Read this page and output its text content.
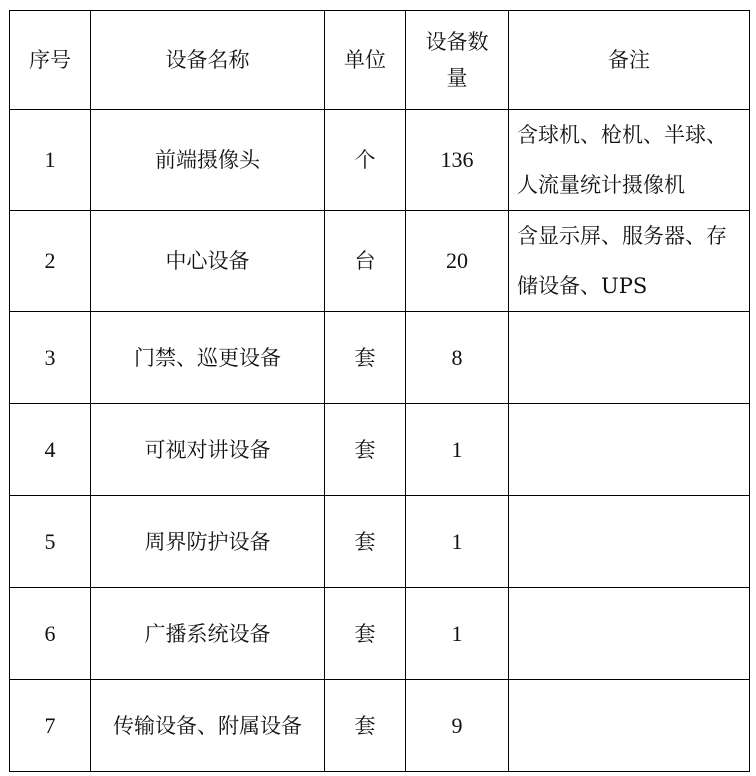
序号	设备名称	单位	设备数量	备注
1	前端摄像头	个	136	含球机、枪机、半球、人流量统计摄像机
2	中心设备	台	20	含显示屏、服务器、存储设备、UPS
3	门禁、巡更设备	套	8	
4	可视对讲设备	套	1	
5	周界防护设备	套	1	
6	广播系统设备	套	1	
7	传输设备、附属设备	套	9	
